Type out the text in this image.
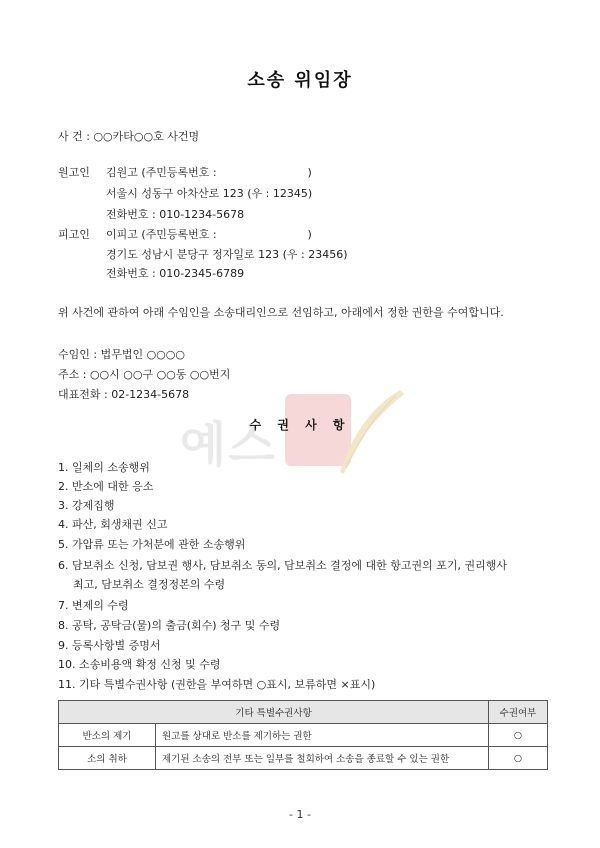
예스
소송 위임장
사 건 : ○○카타○○호 사건명
원고인 김원고 (주민등록번호 :                          )
서울시 성동구 아차산로 123 (우 : 12345)
전화번호 : 010-1234-5678
피고인 이피고 (주민등록번호 :                          )
경기도 성남시 분당구 정자일로 123 (우 : 23456)
전화번호 : 010-2345-6789
위 사건에 관하여 아래 수임인을 소송대리인으로 선임하고, 아래에서 정한 권한을 수여합니다.
수임인 : 법무법인 ○○○○
주소 : ○○시 ○○구 ○○동 ○○번지
대표전화 : 02-1234-5678
수 권 사 항
1. 일체의 소송행위
2. 반소에 대한 응소
3. 강제집행
4. 파산, 회생채권 신고
5. 가압류 또는 가처분에 관한 소송행위
6. 담보취소 신청, 담보권 행사, 담보취소 동의, 담보취소 결정에 대한 항고권의 포기, 권리행사
최고, 담보취소 결정정본의 수령
7. 변제의 수령
8. 공탁, 공탁금(물)의 출금(회수) 청구 및 수령
9. 등록사항별 증명서
10. 소송비용액 확정 신청 및 수령
11. 기타 특별수권사항 (권한을 부여하면 ○표시, 보류하면 ×표시)
기타 특별수권사항		수권여부
반소의 제기	원고를 상대로 반소를 제기하는 권한	○
소의 취하	제기된 소송의 전부 또는 일부를 철회하여 소송을 종료할 수 있는 권한	○
- 1 -
